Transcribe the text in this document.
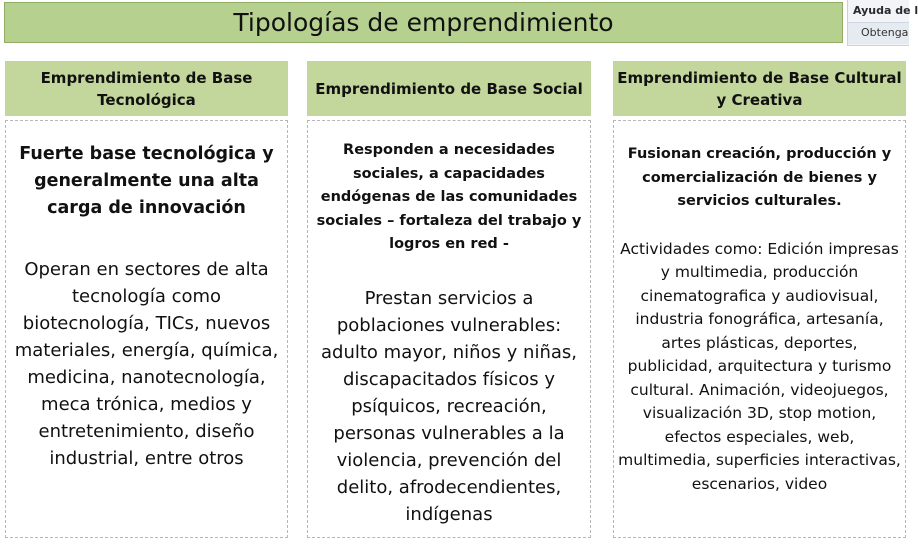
Tipologías de emprendimiento	Ayuda de l
Obtenga
Emprendimiento de Base Tecnológica
Emprendimiento de Base Social
Emprendimiento de Base Cultural y Creativa
Fuerte base tecnológica y generalmente una alta carga de innovación
Operan en sectores de alta tecnología como biotecnología, TICs, nuevos materiales, energía, química, medicina, nanotecnología, meca trónica, medios y entretenimiento, diseño industrial, entre otros
Responden a necesidades sociales, a capacidades endógenas de las comunidades sociales – fortaleza del trabajo y logros en red -
Prestan servicios a poblaciones vulnerables: adulto mayor, niños y niñas, discapacitados físicos y psíquicos, recreación, personas vulnerables a la violencia, prevención del delito, afrodecendientes, indígenas
Fusionan creación, producción y comercialización de bienes y servicios culturales.
Actividades como: Edición impresas y multimedia, producción cinematografica y audiovisual, industria fonográfica, artesanía, artes plásticas, deportes, publicidad, arquitectura y turismo cultural. Animación, videojuegos, visualización 3D, stop motion, efectos especiales, web, multimedia, superficies interactivas, escenarios, video
